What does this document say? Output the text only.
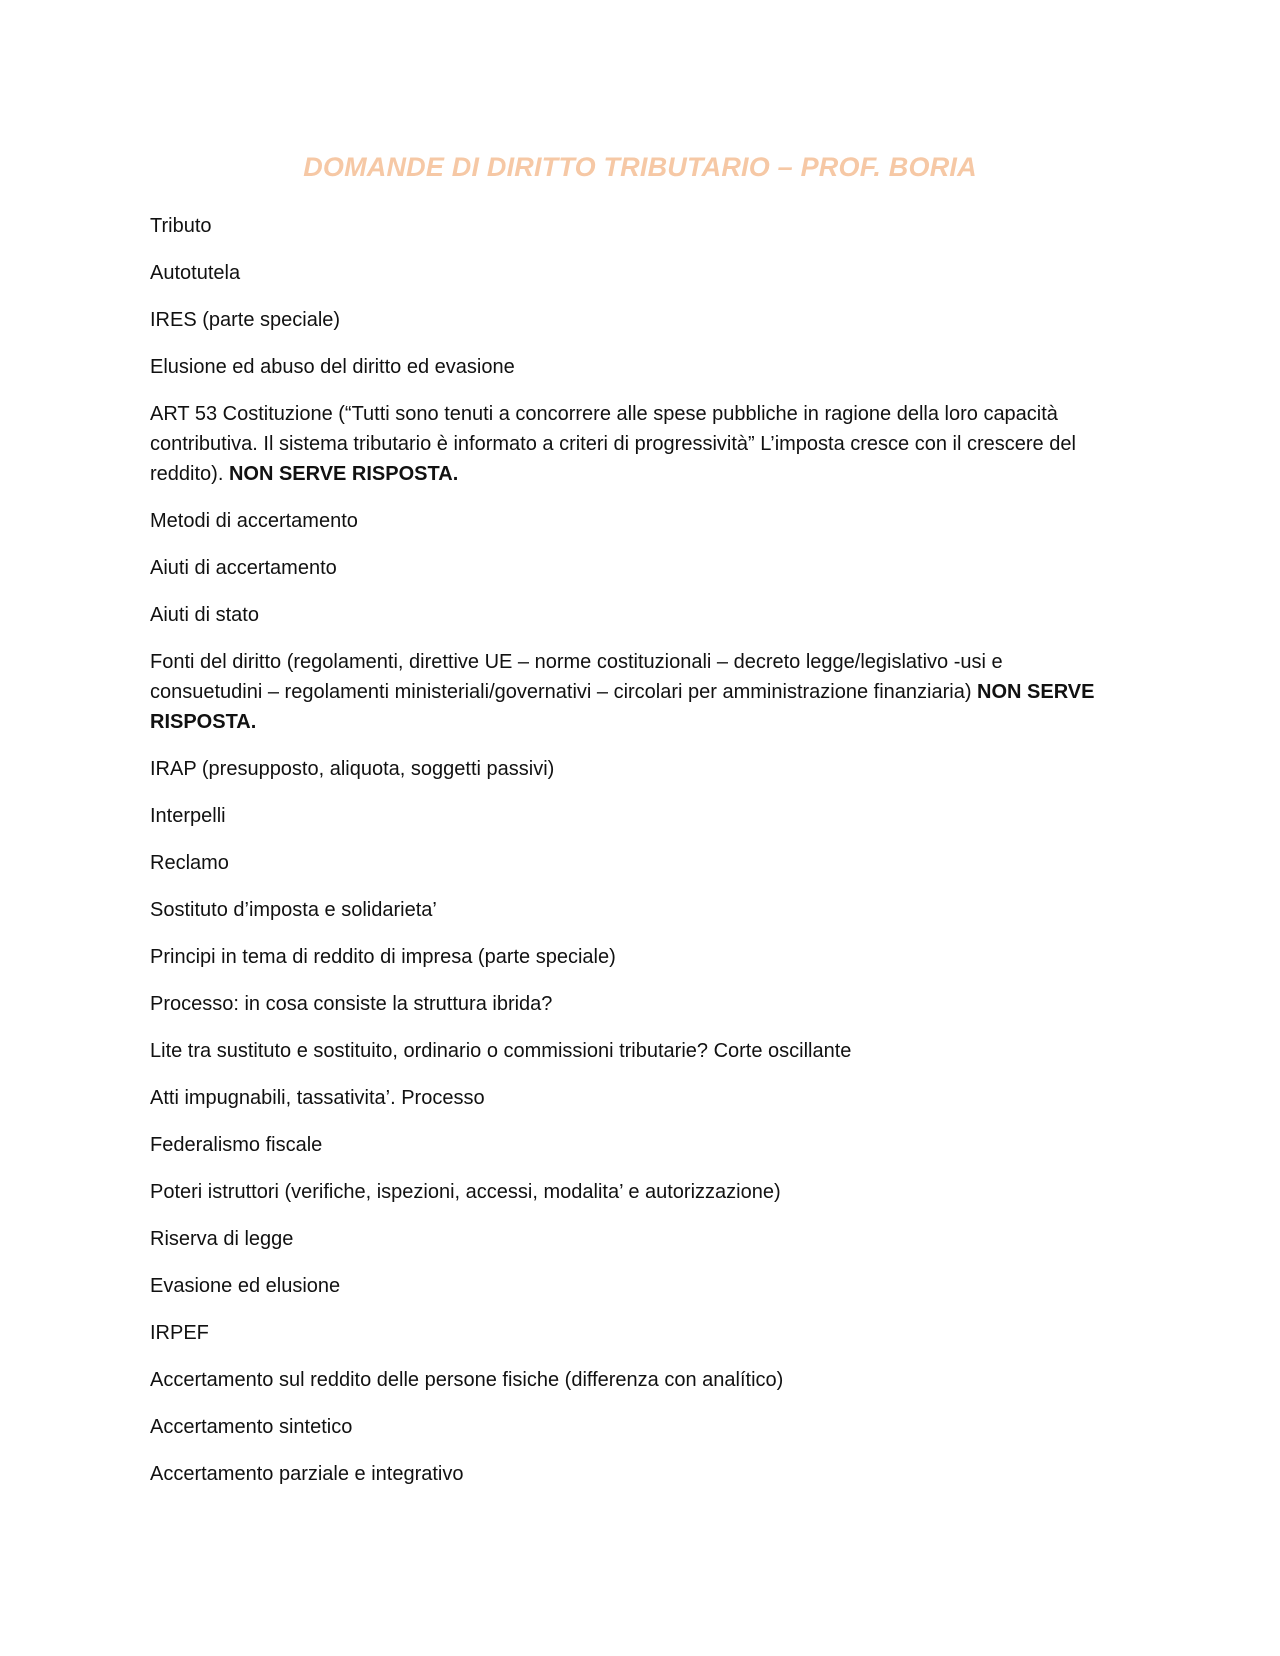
DOMANDE DI DIRITTO TRIBUTARIO – PROF. BORIA

Tributo

Autotutela

IRES (parte speciale)

Elusione ed abuso del diritto ed evasione

ART 53 Costituzione (“Tutti sono tenuti a concorrere alle spese pubbliche in ragione della loro capacità contributiva. Il sistema tributario è informato a criteri di progressività” L’imposta cresce con il crescere del reddito). NON SERVE RISPOSTA.

Metodi di accertamento

Aiuti di accertamento

Aiuti di stato

Fonti del diritto (regolamenti, direttive UE – norme costituzionali – decreto legge/legislativo -usi e consuetudini – regolamenti ministeriali/governativi – circolari per amministrazione finanziaria) NON SERVE RISPOSTA.

IRAP (presupposto, aliquota, soggetti passivi)

Interpelli

Reclamo

Sostituto d’imposta e solidarieta’

Principi in tema di reddito di impresa (parte speciale)

Processo: in cosa consiste la struttura ibrida?

Lite tra sustituto e sostituito, ordinario o commissioni tributarie? Corte oscillante

Atti impugnabili, tassativita’. Processo

Federalismo fiscale

Poteri istruttori (verifiche, ispezioni, accessi, modalita’ e autorizzazione)

Riserva di legge

Evasione ed elusione

IRPEF

Accertamento sul reddito delle persone fisiche (differenza con analítico)

Accertamento sintetico

Accertamento parziale e integrativo
